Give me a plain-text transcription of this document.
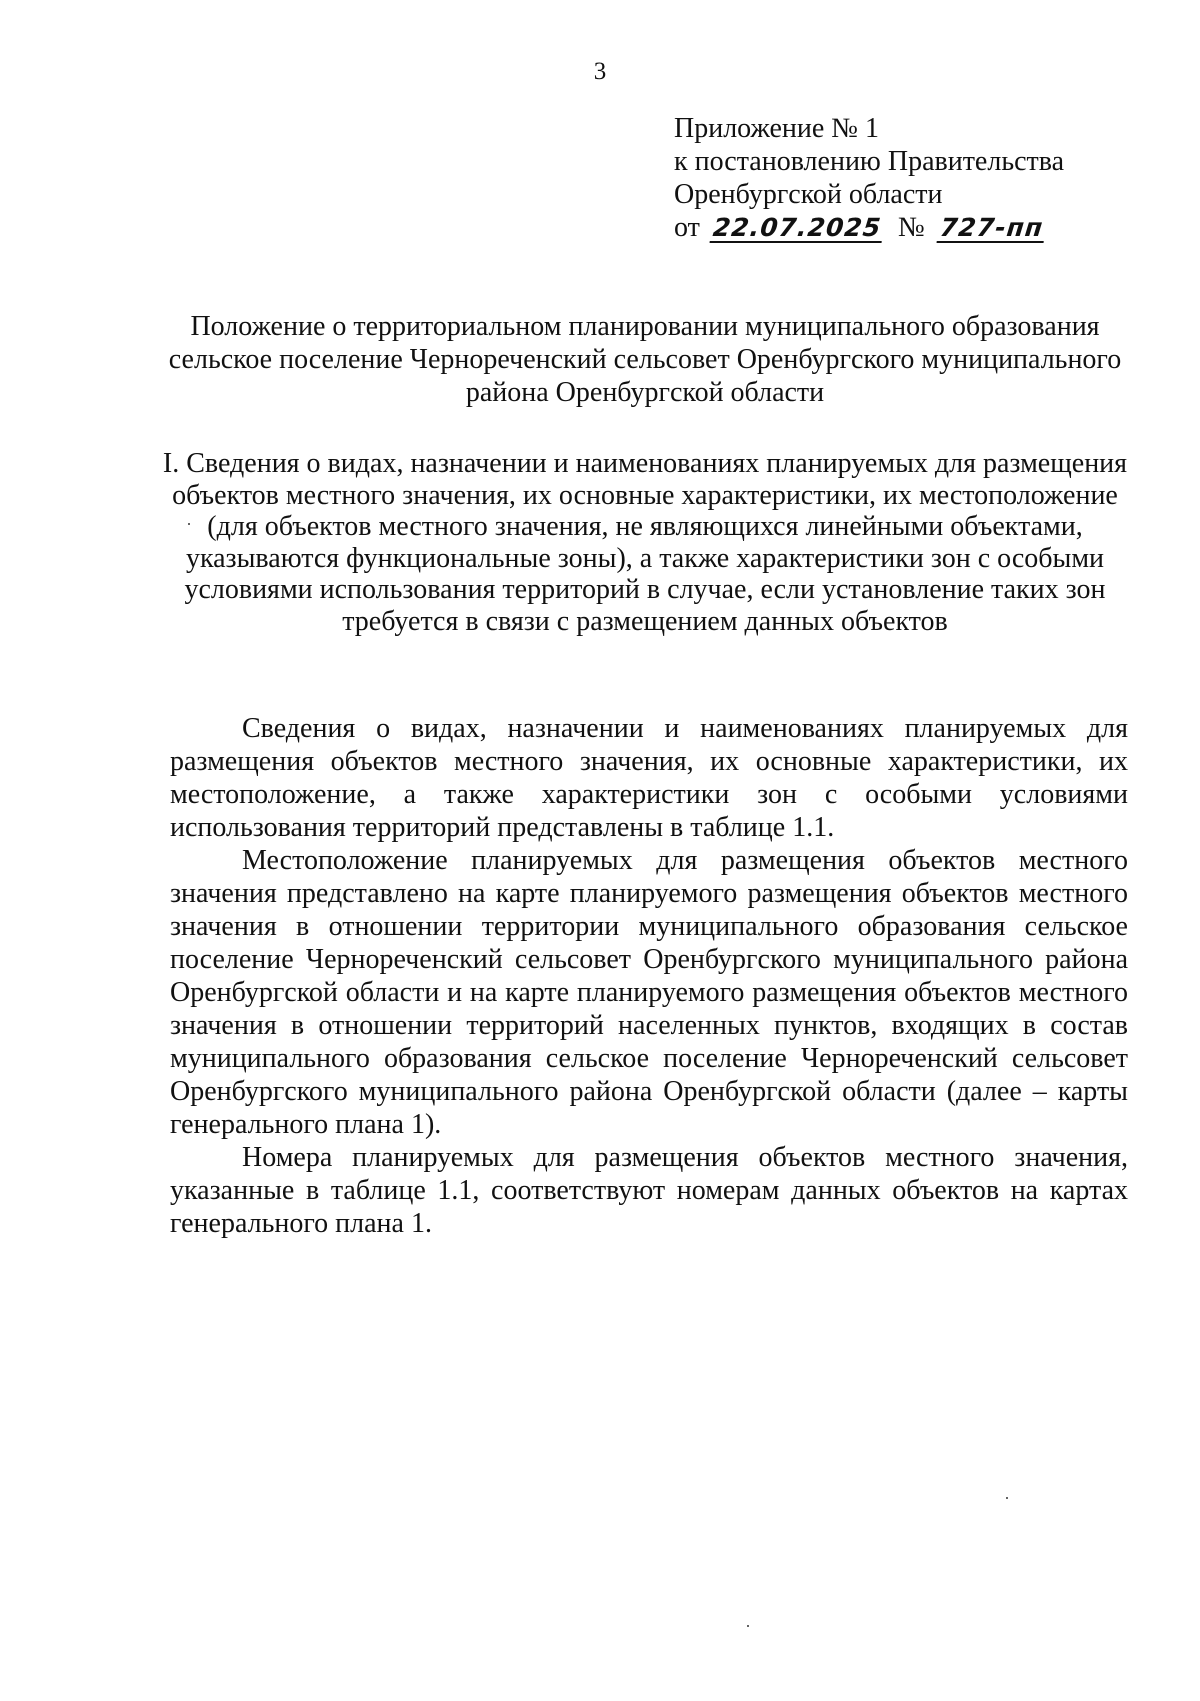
3
Приложение № 1
к постановлению Правительства
Оренбургской области
от 22.07.2025 № 727-пп
Положение о территориальном планировании муниципального образования сельское поселение Черноречeнский сельсовет Оренбургского муниципального района Оренбургской области
I. Сведения о видах, назначении и наименованиях планируемых для размещения объектов местного значения, их основные характеристики, их местоположение (для объектов местного значения, не являющихся линейными объектами, указываются функциональные зоны), а также характеристики зон с особыми условиями использования территорий в случае, если установление таких зон требуется в связи с размещением данных объектов

Сведения о видах, назначении и наименованиях планируемых для размещения объектов местного значения, их основные характеристики, их местоположение, а также характеристики зон с особыми условиями использования территорий представлены в таблице 1.1.

Местоположение планируемых для размещения объектов местного значения представлено на карте планируемого размещения объектов местного значения в отношении территории муниципального образования сельское поселение Чернореченский сельсовет Оренбургского муниципального района Оренбургской области и на карте планируемого размещения объектов местного значения в отношении территорий населенных пунктов, входящих в состав муниципального образования сельское поселение Чернореченский сельсовет Оренбургского муниципального района Оренбургской области (далее – карты генерального плана 1).

Номера планируемых для размещения объектов местного значения, указанные в таблице 1.1, соответствуют номерам данных объектов на картах генерального плана 1.
